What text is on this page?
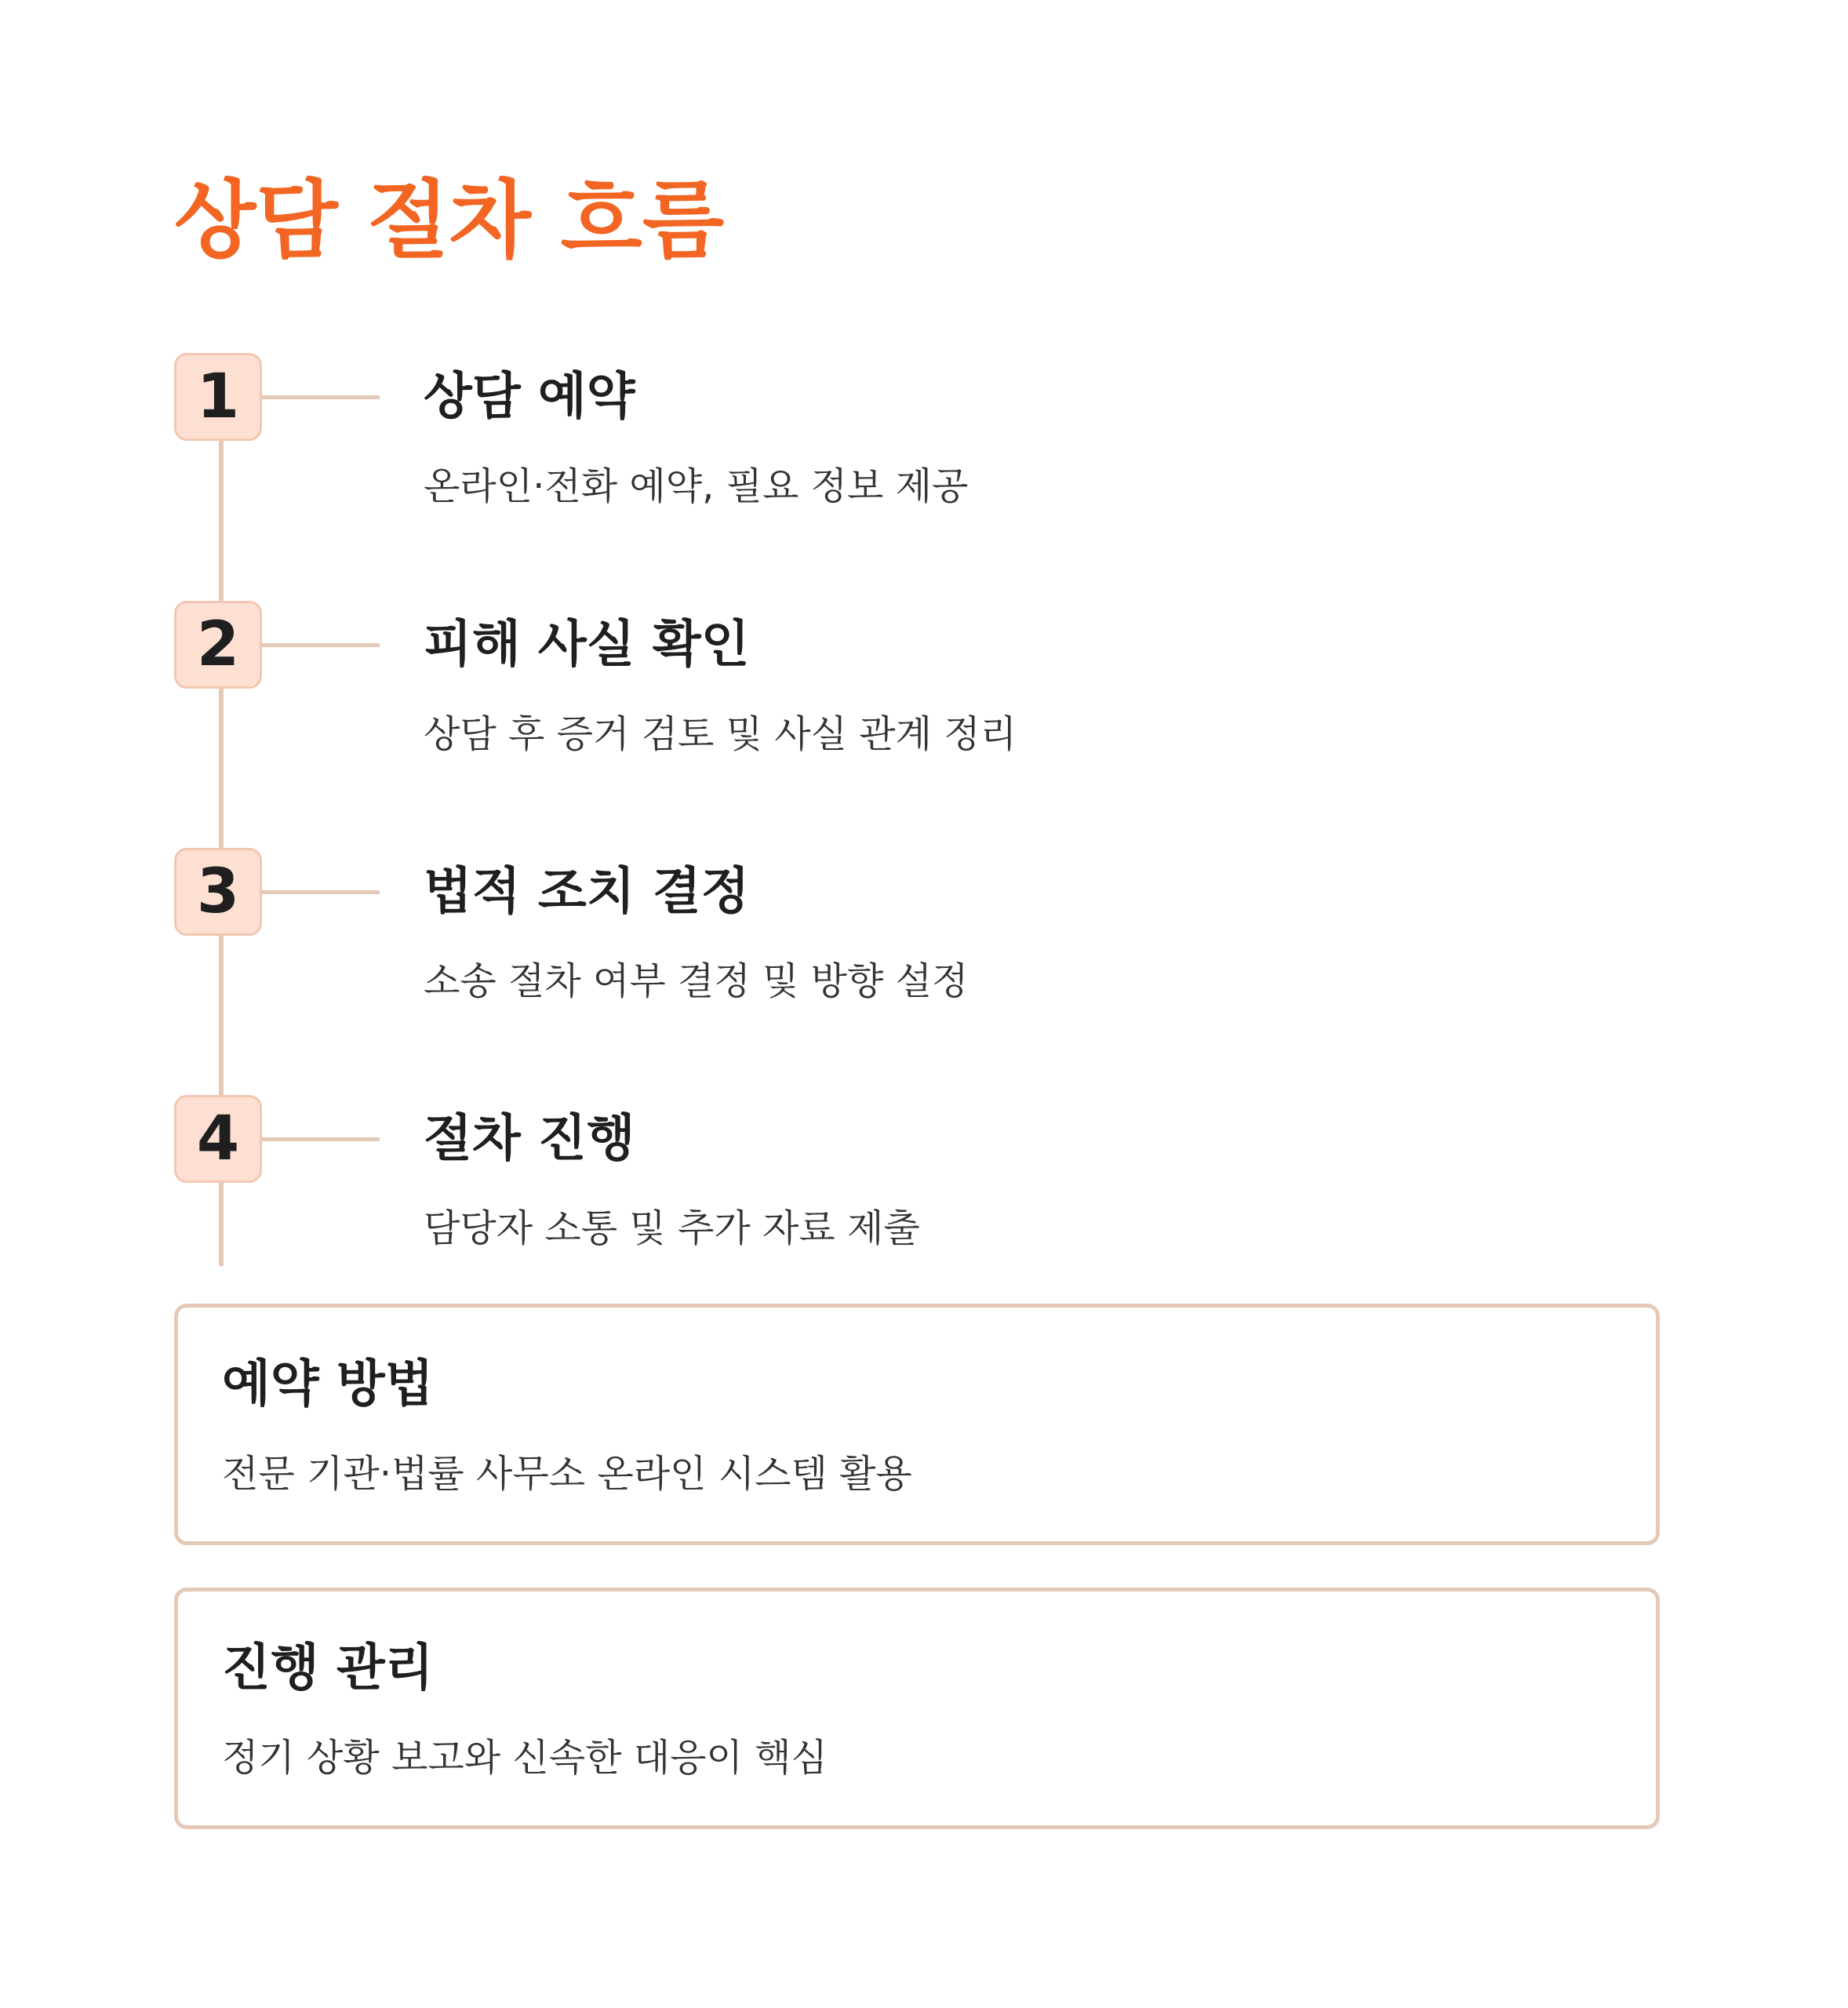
상담 절차 흐름
1	상담 예약

온라인·전화 예약, 필요 정보 제공

2	피해 사실 확인

상담 후 증거 검토 및 사실 관계 정리

3	법적 조치 결정

소송 절차 여부 결정 및 방향 설정

4	절차 진행

담당자 소통 및 추가 자료 제출

예약 방법

전문 기관·법률 사무소 온라인 시스템 활용

진행 관리

정기 상황 보고와 신속한 대응이 핵심
